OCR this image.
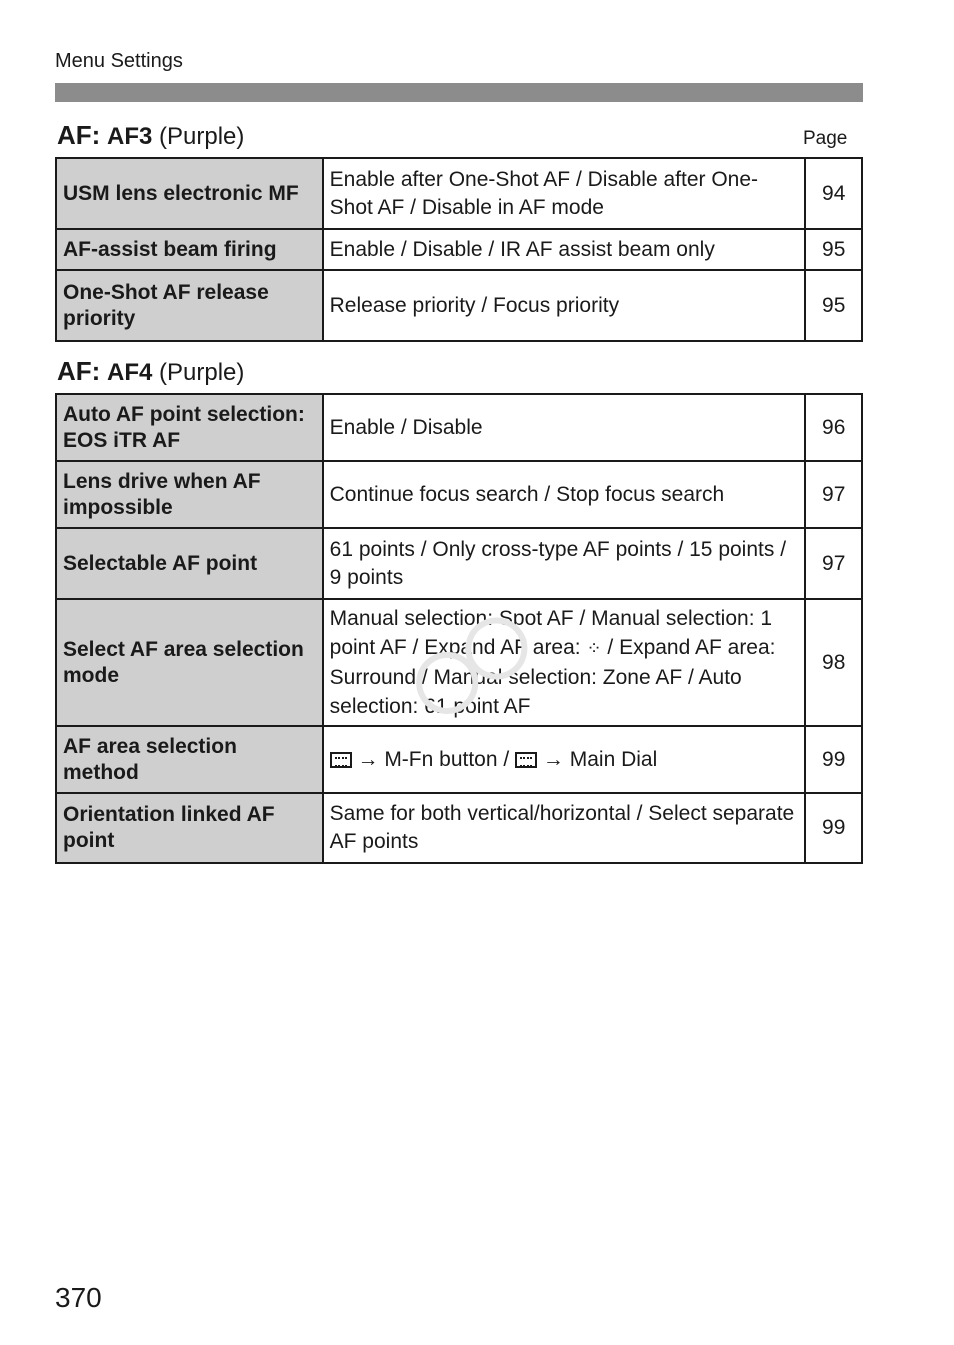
Menu Settings
AF: AF3 (Purple)	Page
USM lens electronic MF	Enable after One-Shot AF / Disable after One-Shot AF / Disable in AF mode	94
AF-assist beam firing	Enable / Disable / IR AF assist beam only	95
One-Shot AF release priority	Release priority / Focus priority	95
AF: AF4 (Purple)
Auto AF point selection: EOS iTR AF	Enable / Disable	96
Lens drive when AF impossible	Continue focus search / Stop focus search	97
Selectable AF point	61 points / Only cross-type AF points / 15 points / 9 points	97
Select AF area selection mode	Manual selection: Spot AF / Manual selection: 1 point AF / Expand AF area: ⁘ / Expand AF area: Surround / Manual selection: Zone AF / Auto selection: 61 point AF	98
AF area selection method	→ M-Fn button /  → Main Dial	99
Orientation linked AF point	Same for both vertical/horizontal / Select separate AF points	99
370
